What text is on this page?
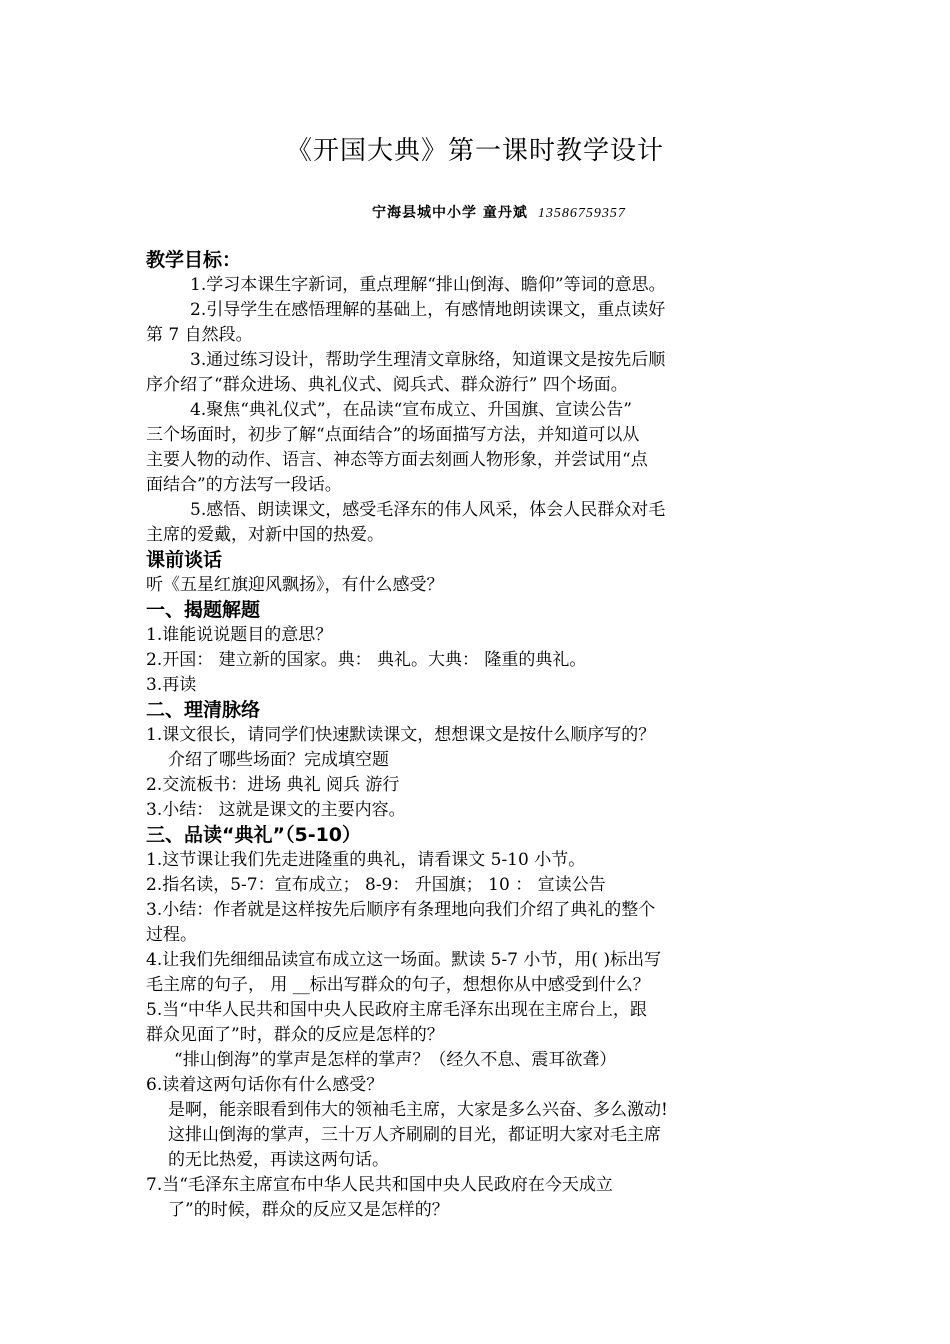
《开国大典》第一课时教学设计
宁海县城中小学 童丹斌 13586759357
教学目标：
1.学习本课生字新词，重点理解“排山倒海、瞻仰”等词的意思。
2.引导学生在感悟理解的基础上，有感情地朗读课文，重点读好
第 7 自然段。
3.通过练习设计，帮助学生理清文章脉络，知道课文是按先后顺
序介绍了“群众进场、典礼仪式、阅兵式、群众游行” 四个场面。
4.聚焦“典礼仪式”，在品读“宣布成立、升国旗、宣读公告”
三个场面时，初步了解“点面结合”的场面描写方法，并知道可以从
主要人物的动作、语言、神态等方面去刻画人物形象，并尝试用“点
面结合”的方法写一段话。
5.感悟、朗读课文，感受毛泽东的伟人风采，体会人民群众对毛
主席的爱戴，对新中国的热爱。
课前谈话
听《五星红旗迎风飘扬》，有什么感受？
一、揭题解题
1.谁能说说题目的意思？
2.开国： 建立新的国家。典： 典礼。大典： 隆重的典礼。
3.再读
二、理清脉络
1.课文很长，请同学们快速默读课文，想想课文是按什么顺序写的？
介绍了哪些场面？完成填空题
2.交流板书：进场 典礼 阅兵 游行
3.小结： 这就是课文的主要内容。
三、品读“典礼”（5-10）
1.这节课让我们先走进隆重的典礼，请看课文 5-10 小节。
2.指名读，5-7：宣布成立； 8-9： 升国旗； 10 ： 宣读公告
3.小结：作者就是这样按先后顺序有条理地向我们介绍了典礼的整个
过程。
4.让我们先细细品读宣布成立这一场面。默读 5-7 小节，用( )标出写
毛主席的句子， 用 __标出写群众的句子，想想你从中感受到什么？
5.当“中华人民共和国中央人民政府主席毛泽东出现在主席台上，跟
群众见面了”时，群众的反应是怎样的？
“排山倒海”的掌声是怎样的掌声？（经久不息、震耳欲聋）
6.读着这两句话你有什么感受？
是啊，能亲眼看到伟大的领袖毛主席，大家是多么兴奋、多么激动!
这排山倒海的掌声，三十万人齐刷刷的目光，都证明大家对毛主席
的无比热爱，再读这两句话。
7.当“毛泽东主席宣布中华人民共和国中央人民政府在今天成立
了”的时候，群众的反应又是怎样的？
